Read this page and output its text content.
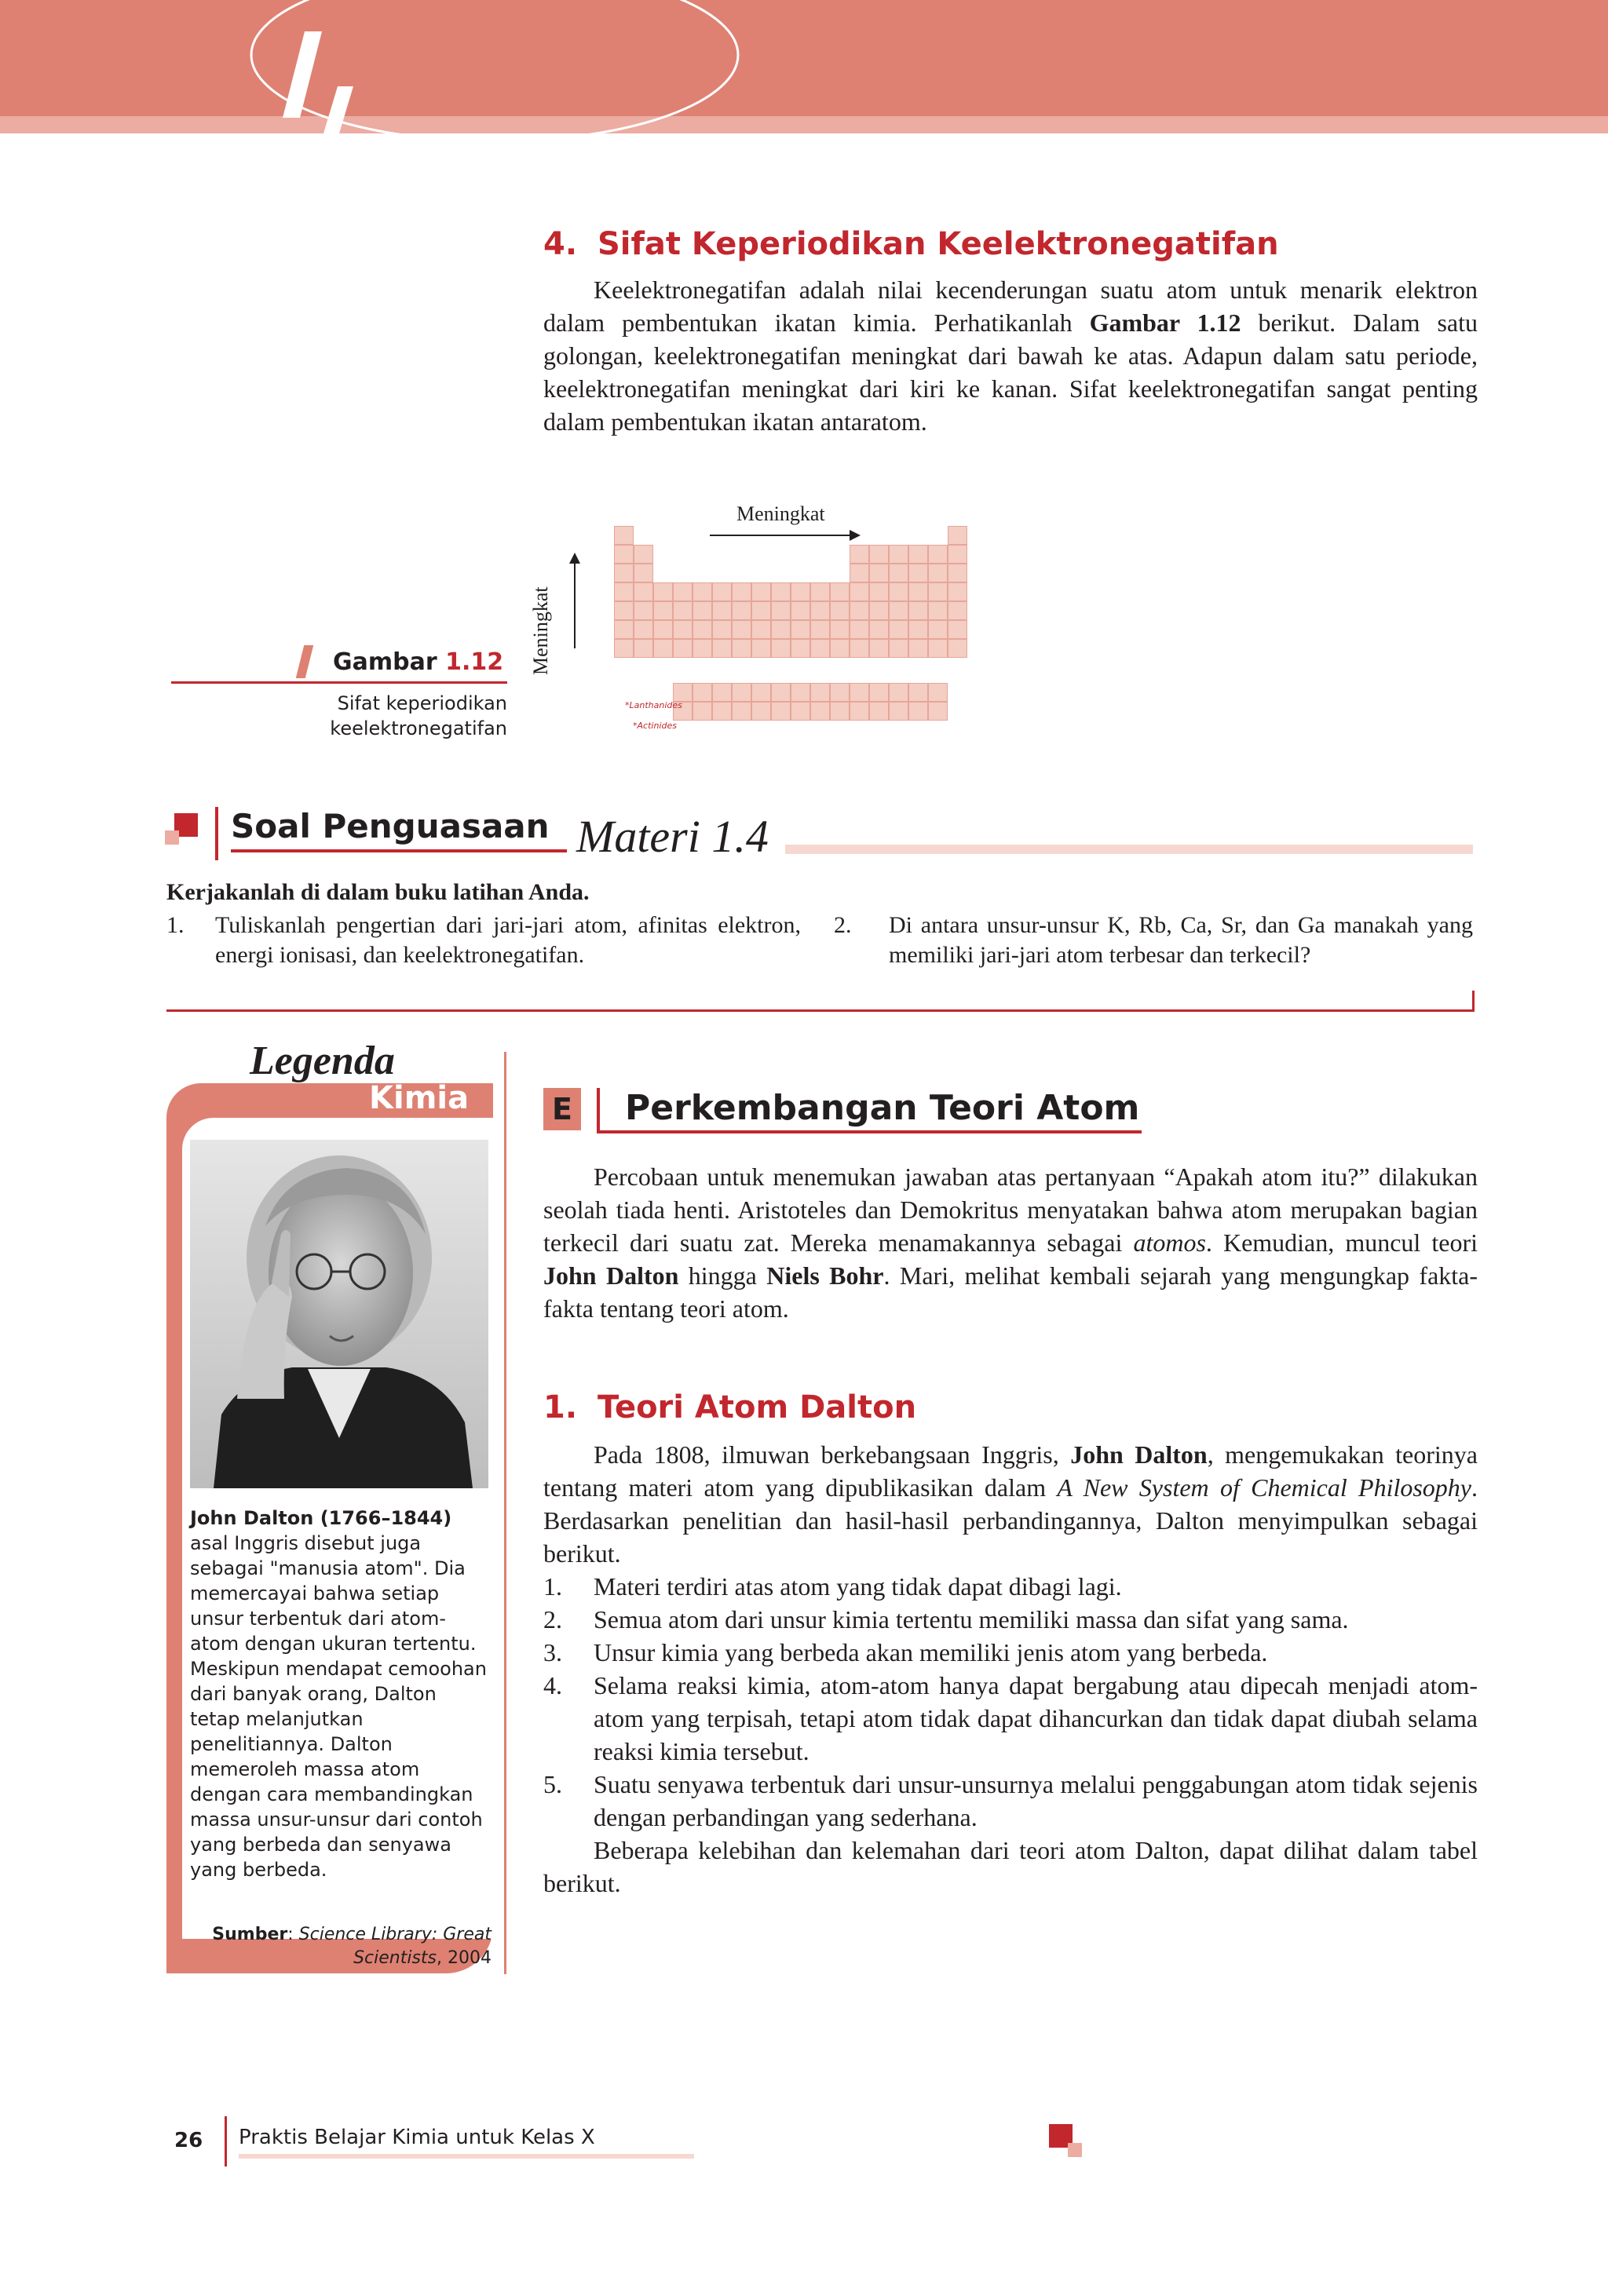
4. Sifat Keperiodikan Keelektronegatifan

Keelektronegatifan adalah nilai kecenderungan suatu atom untuk menarik elektron dalam pembentukan ikatan kimia. Perhatikanlah Gambar 1.12 berikut. Dalam satu golongan, keelektronegatifan meningkat dari bawah ke atas. Adapun dalam satu periode, keelektronegatifan meningkat dari kiri ke kanan. Sifat keelektronegatifan sangat penting dalam pembentukan ikatan antaratom.

Gambar 1.12
Sifat keperiodikan
keelektronegatifan
Meningkat
Meningkat
*Lanthanides
*Actinides
Soal Penguasaan Materi 1.4
Kerjakanlah di dalam buku latihan Anda.
1. Tuliskanlah pengertian dari jari-jari atom, afinitas elektron, energi ionisasi, dan keelektronegatifan.
2. Di antara unsur-unsur K, Rb, Ca, Sr, dan Ga manakah yang memiliki jari-jari atom terbesar dan terkecil?
Legenda
Kimia
John Dalton (1766–1844)
asal Inggris disebut juga sebagai "manusia atom". Dia memercayai bahwa setiap unsur terbentuk dari atom-atom dengan ukuran tertentu. Meskipun mendapat cemoohan dari banyak orang, Dalton tetap melanjutkan penelitiannya. Dalton memeroleh massa atom dengan cara membandingkan massa unsur-unsur dari contoh yang berbeda dan senyawa yang berbeda.
Sumber: Science Library: Great Scientists, 2004
E Perkembangan Teori Atom

Percobaan untuk menemukan jawaban atas pertanyaan “Apakah atom itu?” dilakukan seolah tiada henti. Aristoteles dan Demokritus menyatakan bahwa atom merupakan bagian terkecil dari suatu zat. Mereka menamakannya sebagai atomos. Kemudian, muncul teori John Dalton hingga Niels Bohr. Mari, melihat kembali sejarah yang mengungkap fakta-fakta tentang teori atom.

1. Teori Atom Dalton

Pada 1808, ilmuwan berkebangsaan Inggris, John Dalton, mengemukakan teorinya tentang materi atom yang dipublikasikan dalam A New System of Chemical Philosophy. Berdasarkan penelitian dan hasil-hasil perbandingannya, Dalton menyimpulkan sebagai berikut.

1. Materi terdiri atas atom yang tidak dapat dibagi lagi.
2. Semua atom dari unsur kimia tertentu memiliki massa dan sifat yang sama.
3. Unsur kimia yang berbeda akan memiliki jenis atom yang berbeda.
4. Selama reaksi kimia, atom-atom hanya dapat bergabung atau dipecah menjadi atom-atom yang terpisah, tetapi atom tidak dapat dihancurkan dan tidak dapat diubah selama reaksi kimia tersebut.
5. Suatu senyawa terbentuk dari unsur-unsurnya melalui penggabungan atom tidak sejenis dengan perbandingan yang sederhana.

Beberapa kelebihan dan kelemahan dari teori atom Dalton, dapat dilihat dalam tabel berikut.

26 Praktis Belajar Kimia untuk Kelas X
